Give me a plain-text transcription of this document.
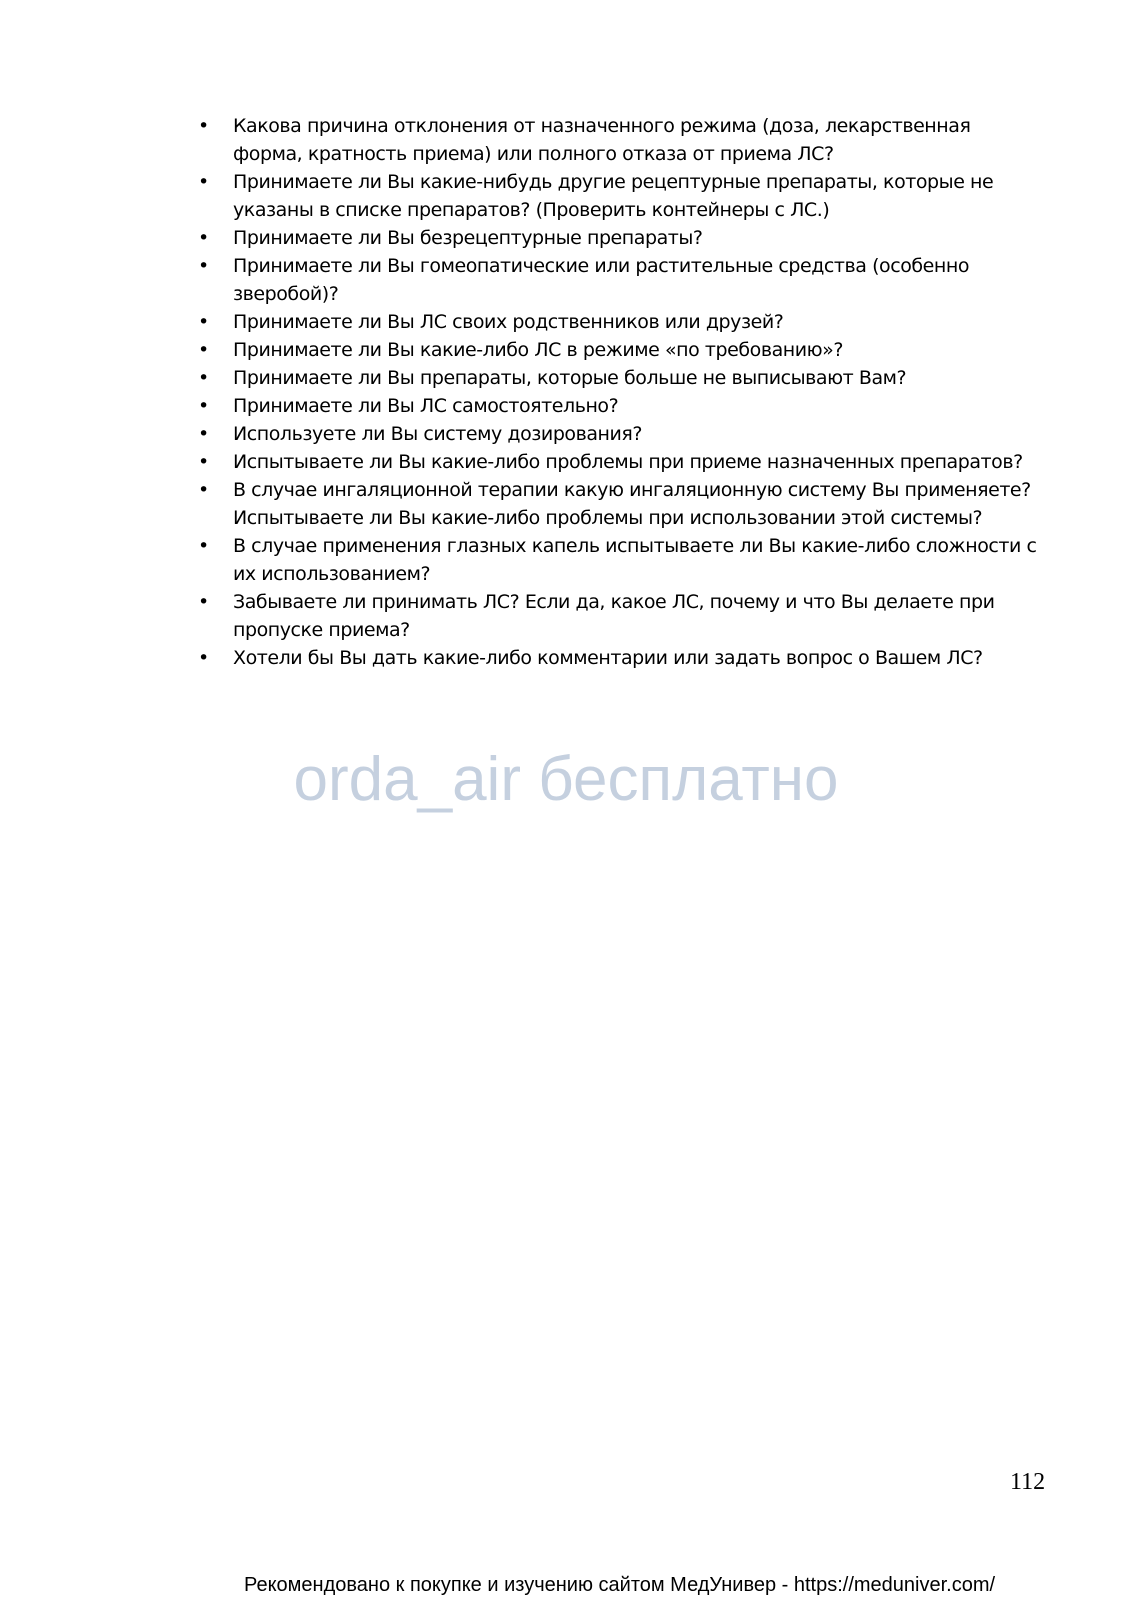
• Какова причина отклонения от назначенного режима (доза, лекарственная форма, кратность приема) или полного отказа от приема ЛС?
• Принимаете ли Вы какие-нибудь другие рецептурные препараты, которые не указаны в списке препаратов? (Проверить контейнеры с ЛС.)
• Принимаете ли Вы безрецептурные препараты?
• Принимаете ли Вы гомеопатические или растительные средства (особенно зверобой)?
• Принимаете ли Вы ЛС своих родственников или друзей?
• Принимаете ли Вы какие-либо ЛС в режиме «по требованию»?
• Принимаете ли Вы препараты, которые больше не выписывают Вам?
• Принимаете ли Вы ЛС самостоятельно?
• Используете ли Вы систему дозирования?
• Испытываете ли Вы какие-либо проблемы при приеме назначенных препаратов?
• В случае ингаляционной терапии какую ингаляционную систему Вы применяете? Испытываете ли Вы какие-либо проблемы при использовании этой системы?
• В случае применения глазных капель испытываете ли Вы какие-либо сложности с их использованием?
• Забываете ли принимать ЛС? Если да, какое ЛС, почему и что Вы делаете при пропуске приема?
• Хотели бы Вы дать какие-либо комментарии или задать вопрос о Вашем ЛС?
orda_air бесплатно
112
Рекомендовано к покупке и изучению сайтом МедУнивер - https://meduniver.com/
